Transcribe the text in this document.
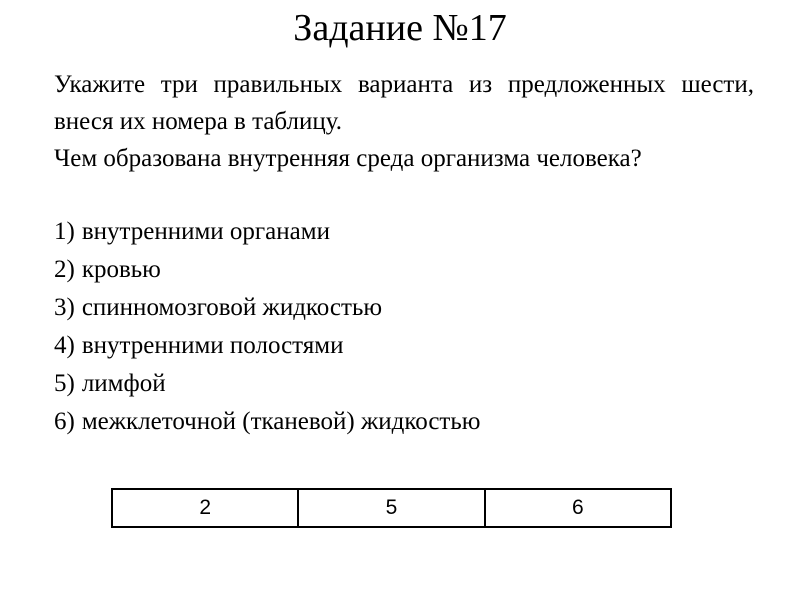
Задание №17
Укажите три правильных варианта из предложенных шести,
внеся их номера в таблицу.
Чем образована внутренняя среда организма человека?
1) внутренними органами
2) кровью
3) спинномозговой жидкостью
4) внутренними полостями
5) лимфой
6) межклеточной (тканевой) жидкостью
2	5	6
